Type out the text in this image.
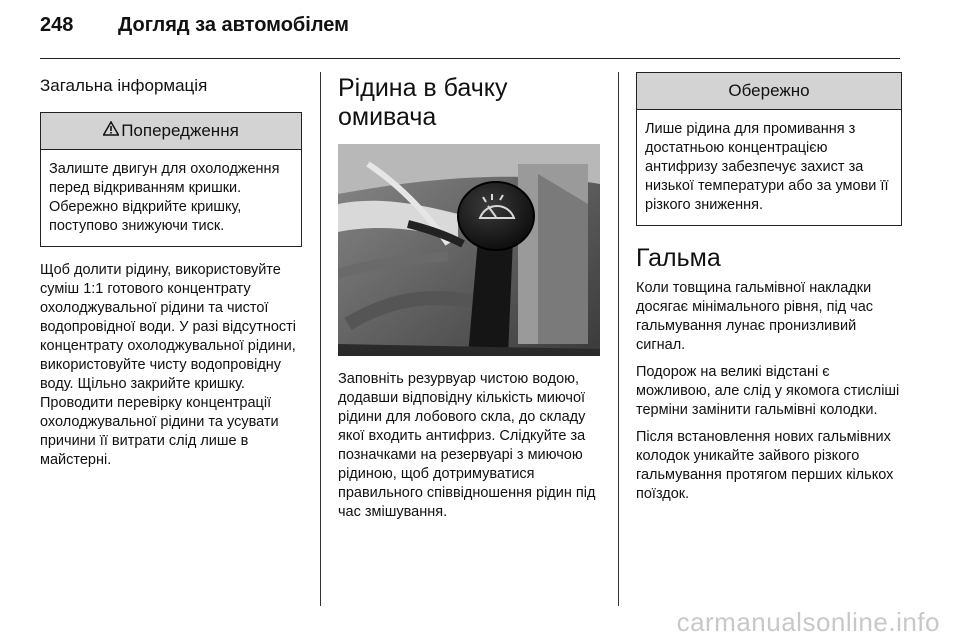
248 Догляд за автомобілем
Загальна інформація
Попередження
Залиште двигун для охолодження перед відкриванням кришки. Обережно відкрийте кришку, поступово знижуючи тиск.

Щоб долити рідину, використовуйте суміш 1:1 готового концентрату охолоджувальної рідини та чистої водопровідної води. У разі відсутності концентрату охолоджувальної рідини, використовуйте чисту водопровідну воду. Щільно закрийте кришку. Проводити перевірку концентрації охолоджувальної рідини та усувати причини її витрати слід лише в майстерні.

Рідина в бачку омивача

Заповніть резурвуар чистою водою, додавши відповідну кількість миючої рідини для лобового скла, до складу якої входить антифриз. Слідкуйте за позначками на резервуарі з миючою рідиною, щоб дотримуватися правильного співвідношення рідин під час змішування.

Обережно
Лише рідина для промивання з достатньою концентрацією антифризу забезпечує захист за низької температури або за умови її різкого зниження.
Гальма

Коли товщина гальмівної накладки досягає мінімального рівня, під час гальмування лунає пронизливий сигнал.

Подорож на великі відстані є можливою, але слід у якомога стисліші терміни замінити гальмівні колодки.

Після встановлення нових гальмівних колодок уникайте зайвого різкого гальмування протягом перших кількох поїздок.

carmanualsonline.info
